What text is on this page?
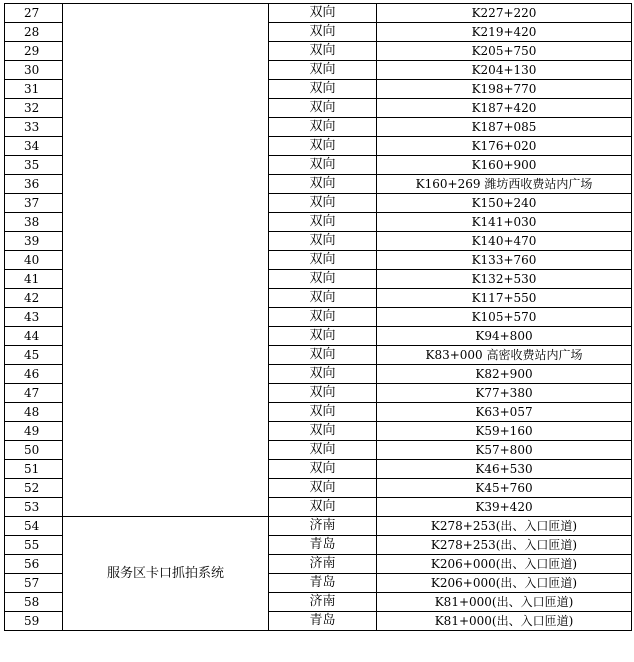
27		双向	K227+220
28		双向	K219+420
29		双向	K205+750
30		双向	K204+130
31		双向	K198+770
32		双向	K187+420
33		双向	K187+085
34		双向	K176+020
35		双向	K160+900
36		双向	K160+269 潍坊西收费站内广场
37		双向	K150+240
38		双向	K141+030
39		双向	K140+470
40		双向	K133+760
41		双向	K132+530
42		双向	K117+550
43		双向	K105+570
44		双向	K94+800
45		双向	K83+000 高密收费站内广场
46		双向	K82+900
47		双向	K77+380
48		双向	K63+057
49		双向	K59+160
50		双向	K57+800
51		双向	K46+530
52		双向	K45+760
53		双向	K39+420
54	服务区卡口抓拍系统	济南	K278+253(出、入口匝道)
55		青岛	K278+253(出、入口匝道)
56		济南	K206+000(出、入口匝道)
57		青岛	K206+000(出、入口匝道)
58		济南	K81+000(出、入口匝道)
59		青岛	K81+000(出、入口匝道)
